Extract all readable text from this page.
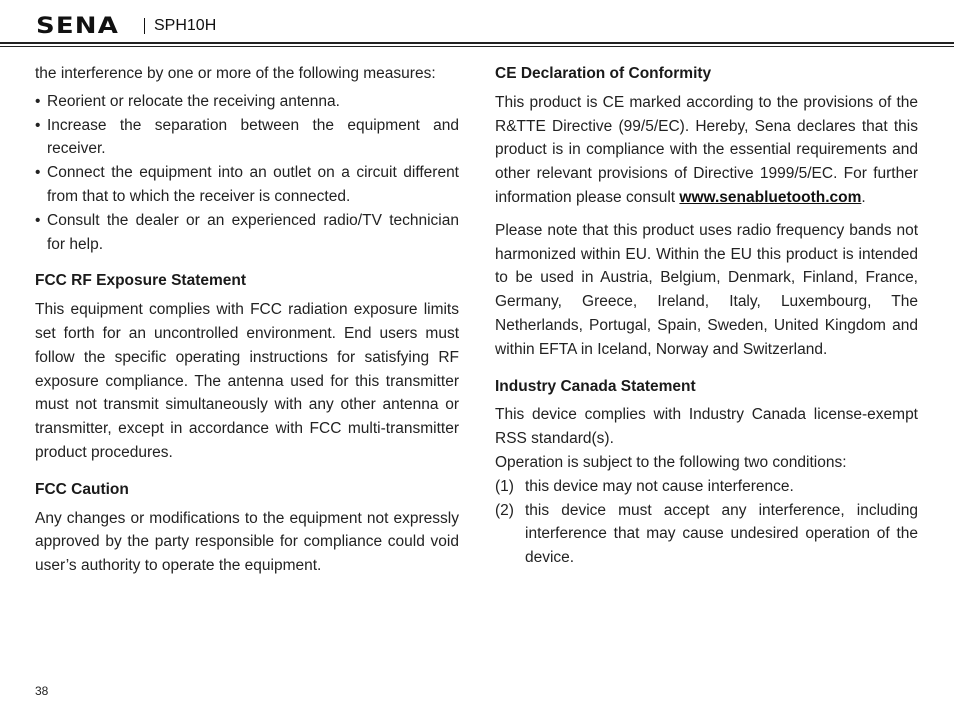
SENA	SPH10H

the interference by one or more of the following measures:

• Reorient or relocate the receiving antenna.
• Increase the separation between the equipment and receiver.
• Connect the equipment into an outlet on a circuit different from that to which the receiver is connected.
• Consult the dealer or an experienced radio/TV technician for help.
FCC RF Exposure Statement

This equipment complies with FCC radiation exposure limits set forth for an uncontrolled environment. End users must follow the specific operating instructions for satisfying RF exposure compliance. The antenna used for this transmitter must not transmit simultaneously with any other antenna or transmitter, except in accordance with FCC multi-transmitter product procedures.

FCC Caution

Any changes or modifications to the equipment not expressly approved by the party responsible for compliance could void user’s authority to operate the equipment.

CE Declaration of Conformity

This product is CE marked according to the provisions of the R&TTE Directive (99/5/EC). Hereby, Sena declares that this product is in compliance with the essential requirements and other relevant provisions of Directive 1999/5/EC. For further information please consult www.senabluetooth.com.

Please note that this product uses radio frequency bands not harmonized within EU. Within the EU this product is intended to be used in Austria, Belgium, Denmark, Finland, France, Germany, Greece, Ireland, Italy, Luxembourg, The Netherlands, Portugal, Spain, Sweden, United Kingdom and within EFTA in Iceland, Norway and Switzerland.

Industry Canada Statement

This device complies with Industry Canada license-exempt RSS standard(s).

Operation is subject to the following two conditions:

(1) this device may not cause interference.
(2) this device must accept any interference, including interference that may cause undesired operation of the device.
38
